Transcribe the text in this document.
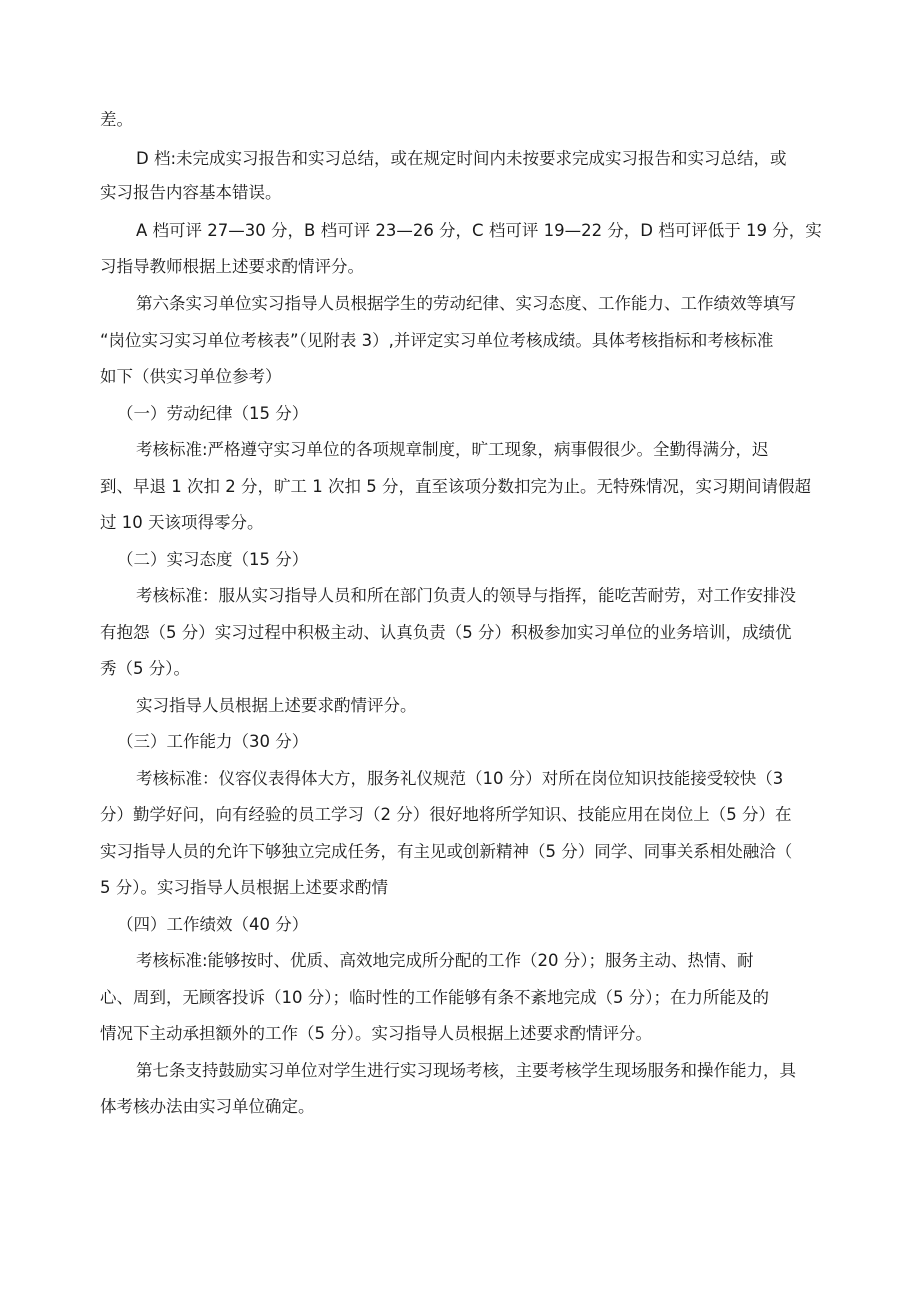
差。
D 档:未完成实习报告和实习总结，或在规定时间内未按要求完成实习报告和实习总结，或
实习报告内容基本错误。
A 档可评 27—30 分，B 档可评 23—26 分，C 档可评 19—22 分，D 档可评低于 19 分，实
习指导教师根据上述要求酌情评分。
第六条实习单位实习指导人员根据学生的劳动纪律、实习态度、工作能力、工作绩效等填写
“岗位实习实习单位考核表”（见附表 3）,并评定实习单位考核成绩。具体考核指标和考核标准
如下（供实习单位参考）
（一）劳动纪律（15 分）
考核标准:严格遵守实习单位的各项规章制度，旷工现象，病事假很少。全勤得满分，迟
到、早退 1 次扣 2 分，旷工 1 次扣 5 分，直至该项分数扣完为止。无特殊情况，实习期间请假超
过 10 天该项得零分。
（二）实习态度（15 分）
考核标准：服从实习指导人员和所在部门负责人的领导与指挥，能吃苦耐劳，对工作安排没
有抱怨（5 分）实习过程中积极主动、认真负责（5 分）积极参加实习单位的业务培训，成绩优
秀（5 分）。
实习指导人员根据上述要求酌情评分。
（三）工作能力（30 分）
考核标准：仪容仪表得体大方，服务礼仪规范（10 分）对所在岗位知识技能接受较快（3
分）勤学好问，向有经验的员工学习（2 分）很好地将所学知识、技能应用在岗位上（5 分）在
实习指导人员的允许下够独立完成任务，有主见或创新精神（5 分）同学、同事关系相处融洽（
5 分）。实习指导人员根据上述要求酌情
（四）工作绩效（40 分）
考核标准:能够按时、优质、高效地完成所分配的工作（20 分）；服务主动、热情、耐
心、周到，无顾客投诉（10 分）；临时性的工作能够有条不紊地完成（5 分）；在力所能及的
情况下主动承担额外的工作（5 分）。实习指导人员根据上述要求酌情评分。
第七条支持鼓励实习单位对学生进行实习现场考核，主要考核学生现场服务和操作能力，具
体考核办法由实习单位确定。
